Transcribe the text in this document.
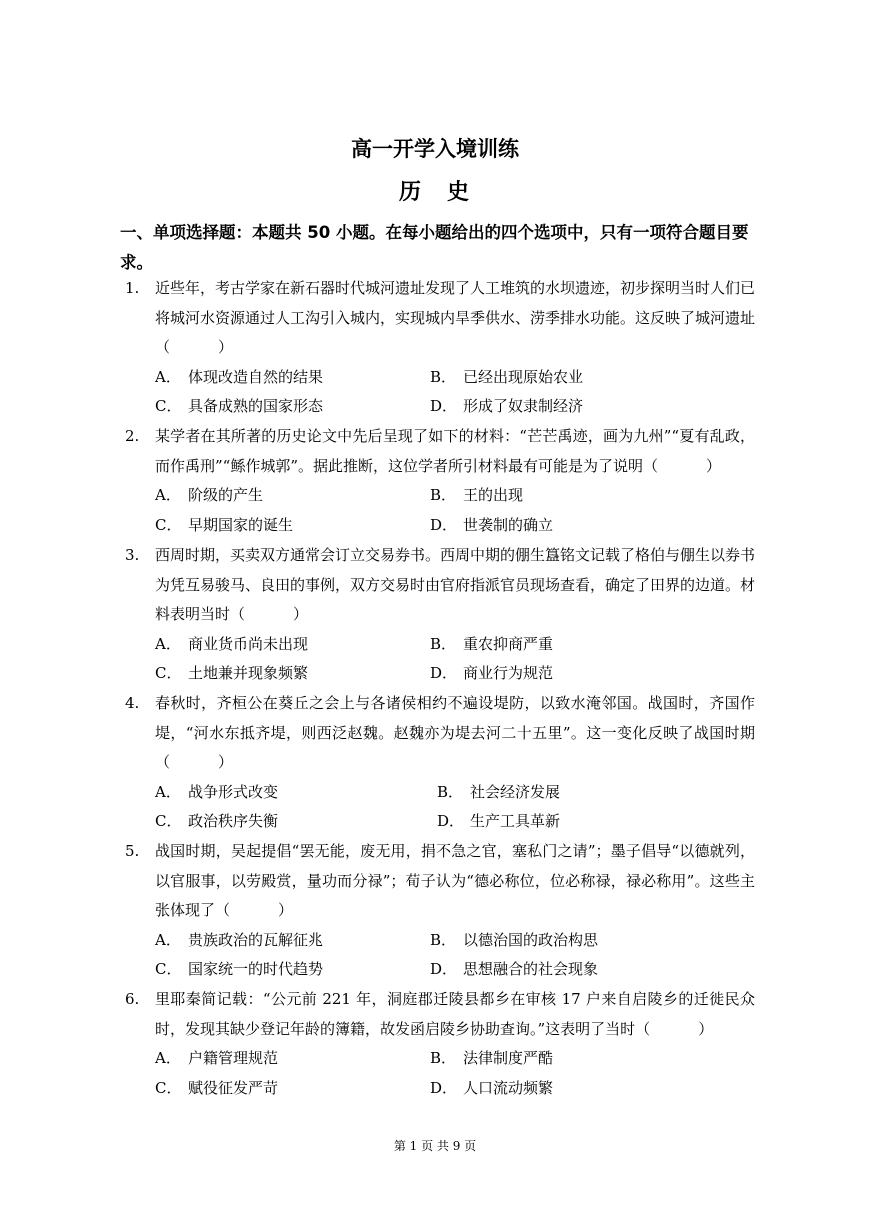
高一开学入境训练
历　史
一、单项选择题：本题共 50 小题。在每小题给出的四个选项中，只有一项符合题目要求。
1. 近些年，考古学家在新石器时代城河遗址发现了人工堆筑的水坝遗迹，初步探明当时人们已将城河水资源通过人工沟引入城内，实现城内旱季供水、涝季排水功能。这反映了城河遗址（	）
A． 体现改造自然的结果	B． 已经出现原始农业
C． 具备成熟的国家形态	D． 形成了奴隶制经济
2. 某学者在其所著的历史论文中先后呈现了如下的材料：“芒芒禹迹，画为九州”“夏有乱政，而作禹刑”“鲧作城郭”。据此推断，这位学者所引材料最有可能是为了说明（	）
A． 阶级的产生	B． 王的出现
C． 早期国家的诞生	D． 世袭制的确立
3. 西周时期，买卖双方通常会订立交易券书。西周中期的倗生簋铭文记载了格伯与倗生以券书为凭互易骏马、良田的事例，双方交易时由官府指派官员现场查看，确定了田界的边道。材料表明当时（	）
A． 商业货币尚未出现	B． 重农抑商严重
C． 土地兼并现象频繁	D． 商业行为规范
4. 春秋时，齐桓公在葵丘之会上与各诸侯相约不遍设堤防，以致水淹邻国。战国时，齐国作堤，“河水东抵齐堤，则西泛赵魏。赵魏亦为堤去河二十五里”。这一变化反映了战国时期（	）
A． 战争形式改变	B． 社会经济发展
C． 政治秩序失衡	D． 生产工具革新
5. 战国时期，吴起提倡“罢无能，废无用，捐不急之官，塞私门之请”；墨子倡导“以德就列，以官服事，以劳殿赏，量功而分禄”；荀子认为“德必称位，位必称禄，禄必称用”。这些主张体现了（	）
A． 贵族政治的瓦解征兆	B． 以德治国的政治构思
C． 国家统一的时代趋势	D． 思想融合的社会现象
6. 里耶秦简记载：“公元前 221 年，洞庭郡迁陵县都乡在审核 17 户来自启陵乡的迁徙民众时，发现其缺少登记年龄的簿籍，故发函启陵乡协助查询。”这表明了当时（	）
A． 户籍管理规范	B． 法律制度严酷
C． 赋役征发严苛	D． 人口流动频繁
第 1 页 共 9 页
